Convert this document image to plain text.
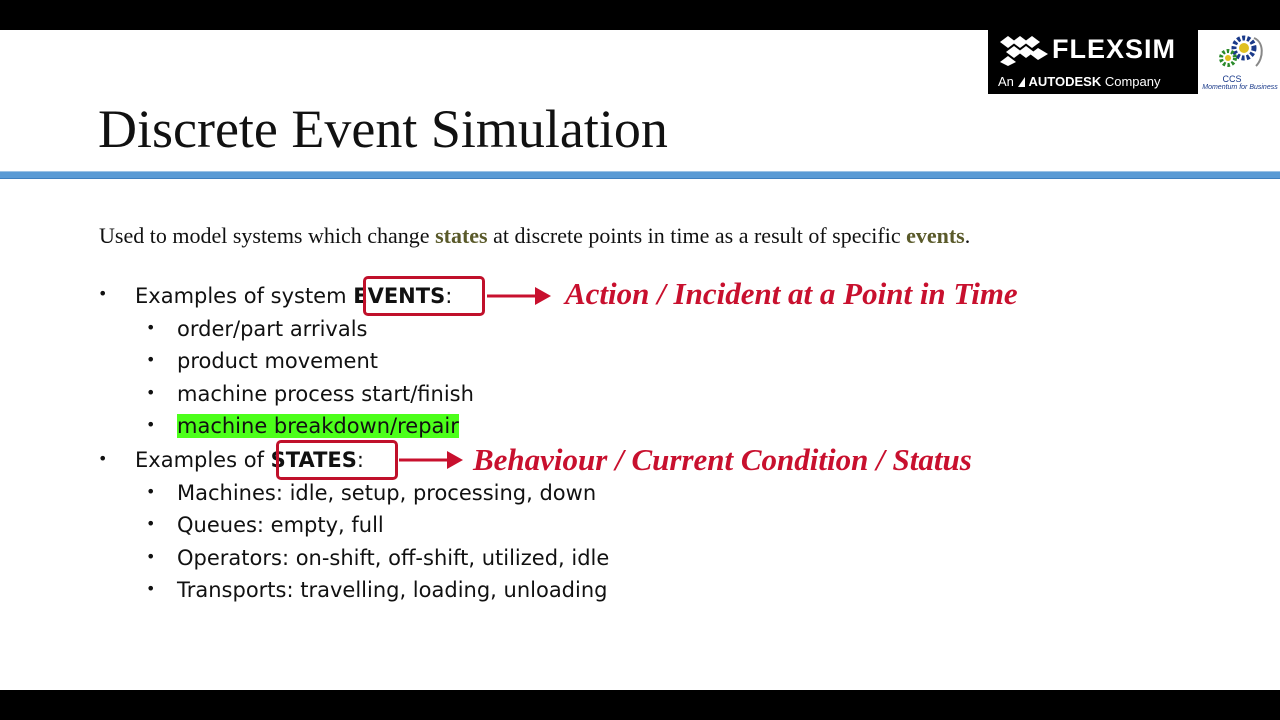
FLEXSIM
An AUTODESK Company	CCS
Momentum for Business
Discrete Event Simulation
Used to model systems which change states at discrete points in time as a result of specific events.
• Examples of system EVENTS:	Action / Incident at a Point in Time
• order/part arrivals
• product movement
• machine process start/finish
• machine breakdown/repair
• Examples of STATES:	Behaviour / Current Condition / Status
• Machines: idle, setup, processing, down
• Queues: empty, full
• Operators: on-shift, off-shift, utilized, idle
• Transports: travelling, loading, unloading
